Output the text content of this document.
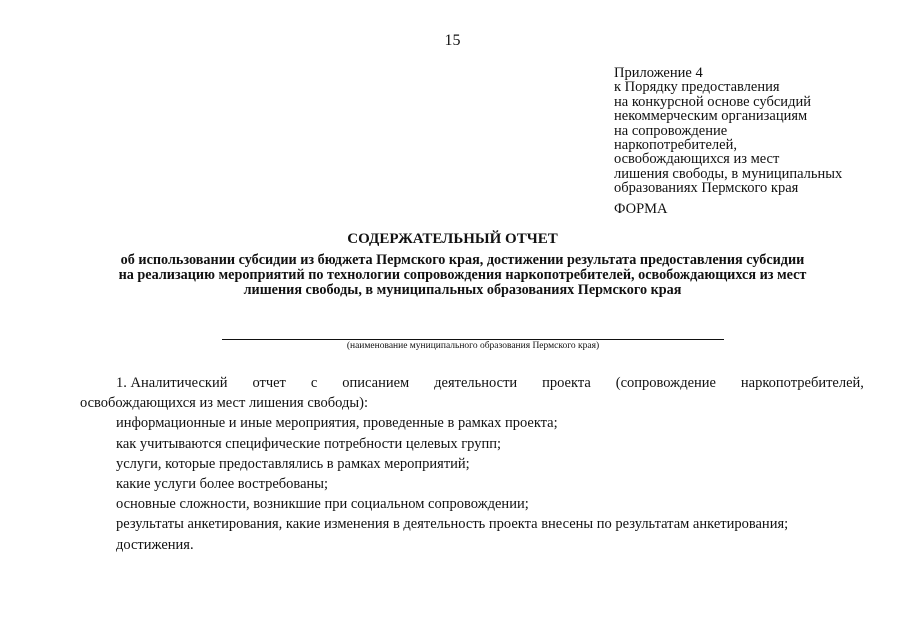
15
Приложение 4
к Порядку предоставления
на конкурсной основе субсидий
некоммерческим организациям
на сопровождение
наркопотребителей,
освобождающихся из мест
лишения свободы, в муниципальных
образованиях Пермского края
ФОРМА
СОДЕРЖАТЕЛЬНЫЙ ОТЧЕТ
об использовании субсидии из бюджета Пермского края, достижении результата предоставления субсидии
на реализацию мероприятий по технологии сопровождения наркопотребителей, освобождающихся из мест
лишения свободы, в муниципальных образованиях Пермского края
(наименование муниципального образования Пермского края)
1. Аналитический отчет с описанием деятельности проекта (сопровождение наркопотребителей,
освобождающихся из мест лишения свободы):
информационные и иные мероприятия, проведенные в рамках проекта;
как учитываются специфические потребности целевых групп;
услуги, которые предоставлялись в рамках мероприятий;
какие услуги более востребованы;
основные сложности, возникшие при социальном сопровождении;
результаты анкетирования, какие изменения в деятельность проекта внесены по результатам анкетирования;
достижения.
